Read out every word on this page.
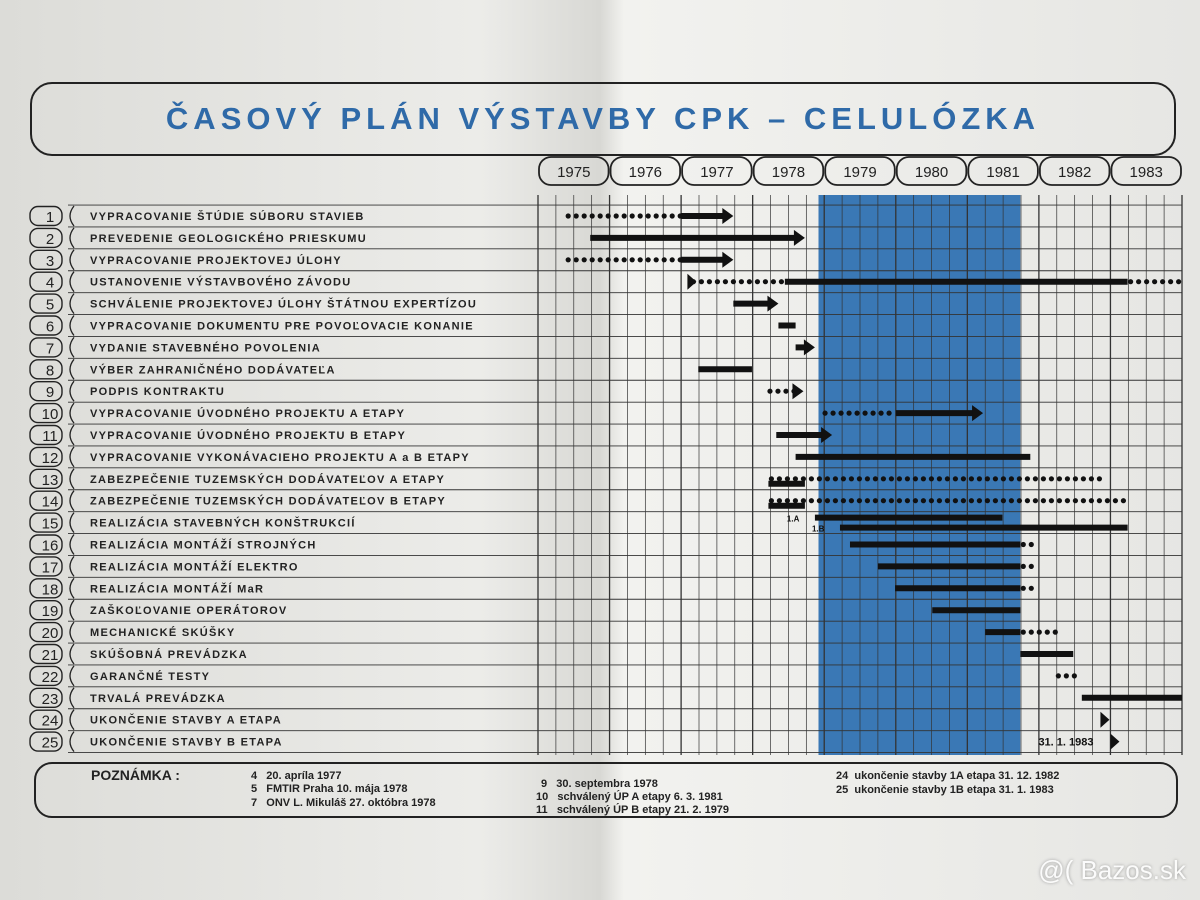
ČASOVÝ PLÁN VÝSTAVBY CPK – CELULÓZKA
1975	1976	1977	1978	1979	1980	1981	1982	1983
1	VYPRACOVANIE ŠTÚDIE SÚBORU STAVIEB
2	PREVEDENIE GEOLOGICKÉHO PRIESKUMU
3	VYPRACOVANIE PROJEKTOVEJ ÚLOHY
4	USTANOVENIE VÝSTAVBOVÉHO ZÁVODU
5	SCHVÁLENIE PROJEKTOVEJ ÚLOHY ŠTÁTNOU EXPERTÍZOU
6	VYPRACOVANIE DOKUMENTU PRE POVOĽOVACIE KONANIE
7	VYDANIE STAVEBNÉHO POVOLENIA
8	VÝBER ZAHRANIČNÉHO DODÁVATEĽA
9	PODPIS KONTRAKTU
10	VYPRACOVANIE ÚVODNÉHO PROJEKTU A ETAPY
11	VYPRACOVANIE ÚVODNÉHO PROJEKTU B ETAPY
12	VYPRACOVANIE VYKONÁVACIEHO PROJEKTU A a B ETAPY
13	ZABEZPEČENIE TUZEMSKÝCH DODÁVATEĽOV A ETAPY
14	ZABEZPEČENIE TUZEMSKÝCH DODÁVATEĽOV B ETAPY
15	REALIZÁCIA STAVEBNÝCH KONŠTRUKCIÍ	1.A
1.B
16	REALIZÁCIA MONTÁŽÍ STROJNÝCH
17	REALIZÁCIA MONTÁŽÍ ELEKTRO
18	REALIZÁCIA MONTÁŽÍ MaR
19	ZAŠKOĽOVANIE OPERÁTOROV
20	MECHANICKÉ SKÚŠKY
21	SKÚŠOBNÁ PREVÁDZKA
22	GARANČNÉ TESTY
23	TRVALÁ PREVÁDZKA
24	UKONČENIE STAVBY A ETAPA
25	UKONČENIE STAVBY B ETAPA	31. 1. 1983
POZNÁMKA :	4 20. apríla 1977
5 FMTIR Praha 10. mája 1978
7 ONV L. Mikuláš 27. októbra 1978
9 30. septembra 1978
10 schválený ÚP A etapy 6. 3. 1981
11 schválený ÚP B etapy 21. 2. 1979
24 ukončenie stavby 1A etapa 31. 12. 1982
25 ukončenie stavby 1B etapa 31. 1. 1983
@( Bazos.sk
